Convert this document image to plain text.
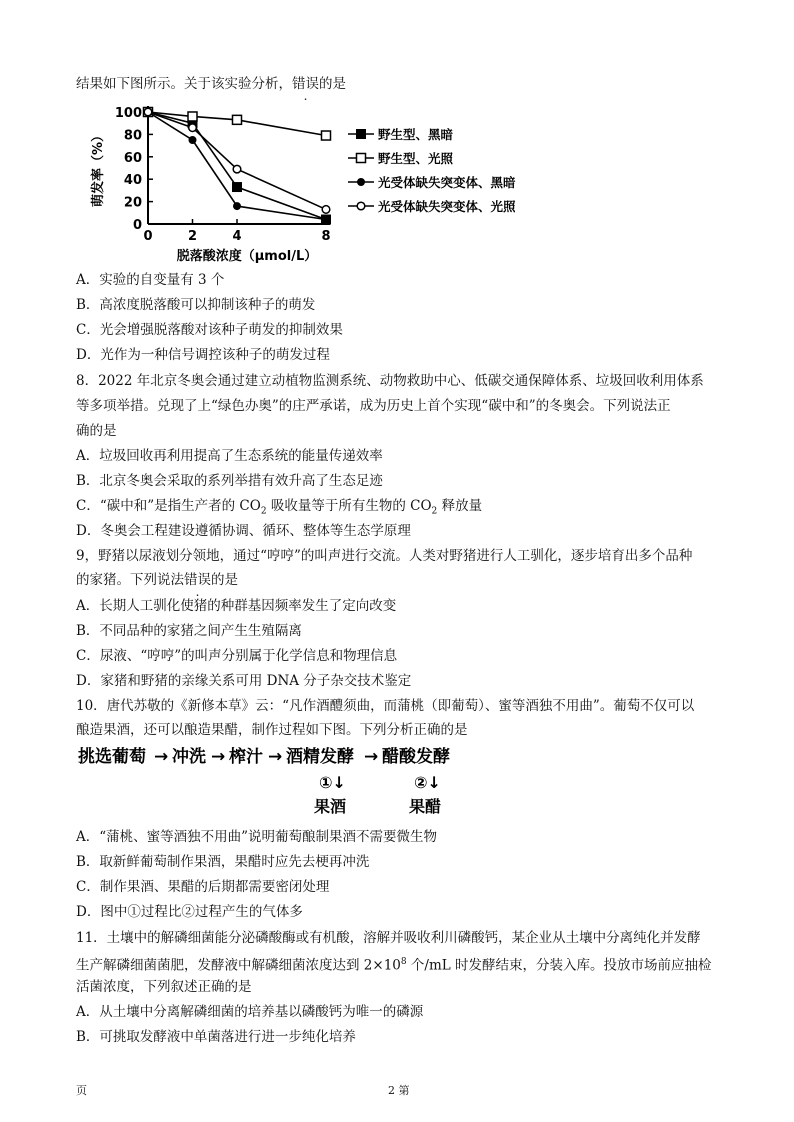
结果如下图所示。关于该实验分析，错误的是
0
20
40
60
80
100
0	2	4	8
脱落酸浓度（μmol/L）
萌发率（%）	野生型、黑暗
野生型、光照
光受体缺失突变体、黑暗
光受体缺失突变体、光照
A．实验的自变量有 3 个
B．高浓度脱落酸可以抑制该种子的萌发
C．光会增强脱落酸对该种子萌发的抑制效果
D．光作为一种信号调控该种子的萌发过程
8．2022 年北京冬奥会通过建立动植物监测系统、动物救助中心、低碳交通保障体系、垃圾回收利用体系
等多项举措。兑现了上“绿色办奥”的庄严承诺，成为历史上首个实现“碳中和”的冬奥会。下列说法正
确的是
A．垃圾回收再利用提高了生态系统的能量传递效率
B．北京冬奥会采取的系列举措有效升高了生态足迹
C．“碳中和”是指生产者的 $CO_2$ 吸收量等于所有生物的 $CO_2$ 释放量
D．冬奥会工程建设遵循协调、循环、整体等生态学原理
9，野猪以尿液划分领地，通过“哼哼”的叫声进行交流。人类对野猪进行人工驯化，逐步培育出多个品种
的家猪。下列说法错误的是
A．长期人工驯化使猪的种群基因频率发生了定向改变
B．不同品种的家猪之间产生生殖隔离
C．尿液、“哼哼”的叫声分别属于化学信息和物理信息
D．家猪和野猪的亲缘关系可用 DNA 分子杂交技术鉴定
10．唐代苏敬的《新修本草》云：“凡作酒醴须曲，而蒲桃（即葡萄）、蜜等酒独不用曲”。葡萄不仅可以
酿造果酒，还可以酿造果醋，制作过程如下图。下列分析正确的是
挑选葡萄 → 冲洗 → 榨汁 → 酒精发酵 → 醋酸发酵
①↓
果酒
②↓
果醋
A．“蒲桃、蜜等酒独不用曲”说明葡萄酿制果酒不需要微生物
B．取新鲜葡萄制作果酒，果醋时应先去梗再冲洗
C．制作果酒、果醋的后期都需要密闭处理
D．图中①过程比②过程产生的气体多
11．土壤中的解磷细菌能分泌磷酸酶或有机酸，溶解并吸收利川磷酸钙，某企业从土壤中分离纯化并发酵
生产解磷细菌菌肥，发酵液中解磷细菌浓度达到 $2\times 10^8$ 个/mL 时发酵结束，分装入库。投放市场前应抽检
活菌浓度，下列叙述正确的是
A．从土壤中分离解磷细菌的培养基以磷酸钙为唯一的磷源
B．可挑取发酵液中单菌落进行进一步纯化培养
页	2 第
